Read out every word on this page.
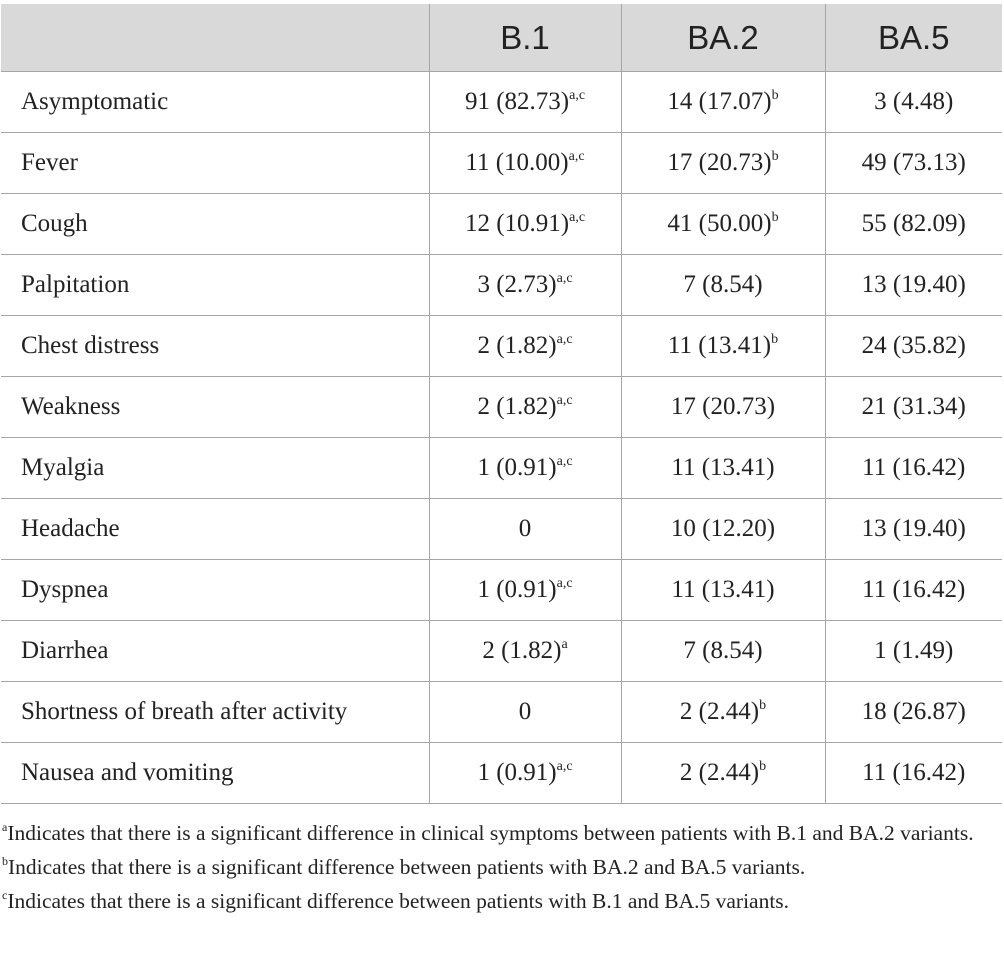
	B.1	BA.2	BA.5
Asymptomatic	91 $(82.73)^{a,c}$	14 $(17.07)^b$	3 (4.48)
Fever	11 $(10.00)^{a,c}$	17 $(20.73)^b$	49 (73.13)
Cough	12 $(10.91)^{a,c}$	41 $(50.00)^b$	55 (82.09)
Palpitation	3 $(2.73)^{a,c}$	7 (8.54)	13 (19.40)
Chest distress	2 $(1.82)^{a,c}$	11 $(13.41)^b$	24 (35.82)
Weakness	2 $(1.82)^{a,c}$	17 (20.73)	21 (31.34)
Myalgia	1 $(0.91)^{a,c}$	11 (13.41)	11 (16.42)
Headache	0	10 (12.20)	13 (19.40)
Dyspnea	1 $(0.91)^{a,c}$	11 (13.41)	11 (16.42)
Diarrhea	2 $(1.82)^a$	7 (8.54)	1 (1.49)
Shortness of breath after activity	0	2 $(2.44)^b$	18 (26.87)
Nausea and vomiting	1 $(0.91)^{a,c}$	2 $(2.44)^b$	11 (16.42)

$^a$Indicates that there is a significant difference in clinical symptoms between patients with B.1 and BA.2 variants.

$^b$Indicates that there is a significant difference between patients with BA.2 and BA.5 variants.

$^c$Indicates that there is a significant difference between patients with B.1 and BA.5 variants.
